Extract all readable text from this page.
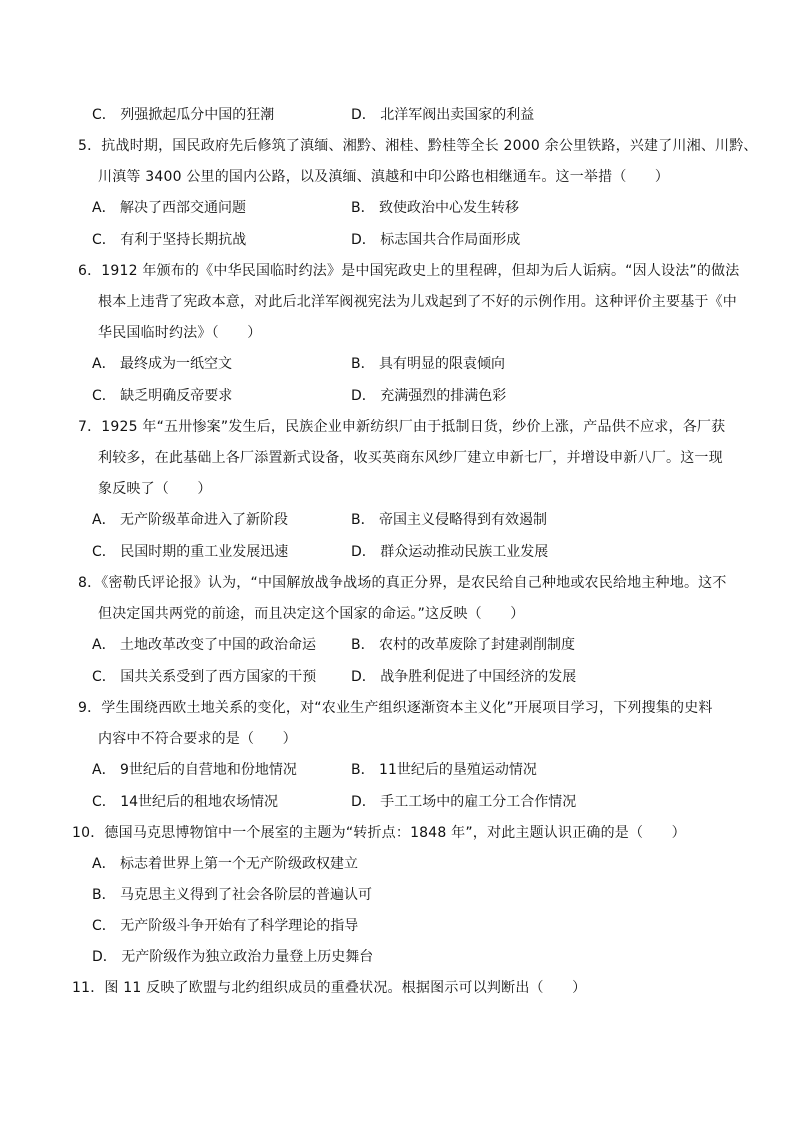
C． 列强掀起瓜分中国的狂潮	D． 北洋军阀出卖国家的利益
5．抗战时期，国民政府先后修筑了滇缅、湘黔、湘桂、黔桂等全长 2000 余公里铁路，兴建了川湘、川黔、
川滇等 3400 公里的国内公路，以及滇缅、滇越和中印公路也相继通车。这一举措（　　）
A． 解决了西部交通问题	B． 致使政治中心发生转移
C． 有利于坚持长期抗战	D． 标志国共合作局面形成
6．1912 年颁布的《中华民国临时约法》是中国宪政史上的里程碑，但却为后人诟病。“因人设法”的做法
根本上违背了宪政本意，对此后北洋军阀视宪法为儿戏起到了不好的示例作用。这种评价主要基于《中
华民国临时约法》（　　）
A． 最终成为一纸空文	B． 具有明显的限袁倾向
C． 缺乏明确反帝要求	D． 充满强烈的排满色彩
7．1925 年“五卅惨案”发生后，民族企业申新纺织厂由于抵制日货，纱价上涨，产品供不应求，各厂获
利较多，在此基础上各厂添置新式设备，收买英商东风纱厂建立申新七厂，并增设申新八厂。这一现
象反映了（　　）
A． 无产阶级革命进入了新阶段	B． 帝国主义侵略得到有效遏制
C． 民国时期的重工业发展迅速	D． 群众运动推动民族工业发展
8．《密勒氏评论报》认为，“中国解放战争战场的真正分界，是农民给自己种地或农民给地主种地。这不
但决定国共两党的前途，而且决定这个国家的命运。”这反映（　　）
A． 土地改革改变了中国的政治命运 B． 农村的改革废除了封建剥削制度
C． 国共关系受到了西方国家的干预 D． 战争胜利促进了中国经济的发展
9．学生围绕西欧土地关系的变化，对“农业生产组织逐渐资本主义化”开展项目学习，下列搜集的史料
内容中不符合要求的是（　　）
A． 9世纪后的自营地和份地情况	B． 11世纪后的垦殖运动情况
C． 14世纪后的租地农场情况	D． 手工工场中的雇工分工合作情况
10．德国马克思博物馆中一个展室的主题为“转折点：1848 年”，对此主题认识正确的是（　　）
A． 标志着世界上第一个无产阶级政权建立
B． 马克思主义得到了社会各阶层的普遍认可
C． 无产阶级斗争开始有了科学理论的指导
D． 无产阶级作为独立政治力量登上历史舞台
11．图 11 反映了欧盟与北约组织成员的重叠状况。根据图示可以判断出（　　）
